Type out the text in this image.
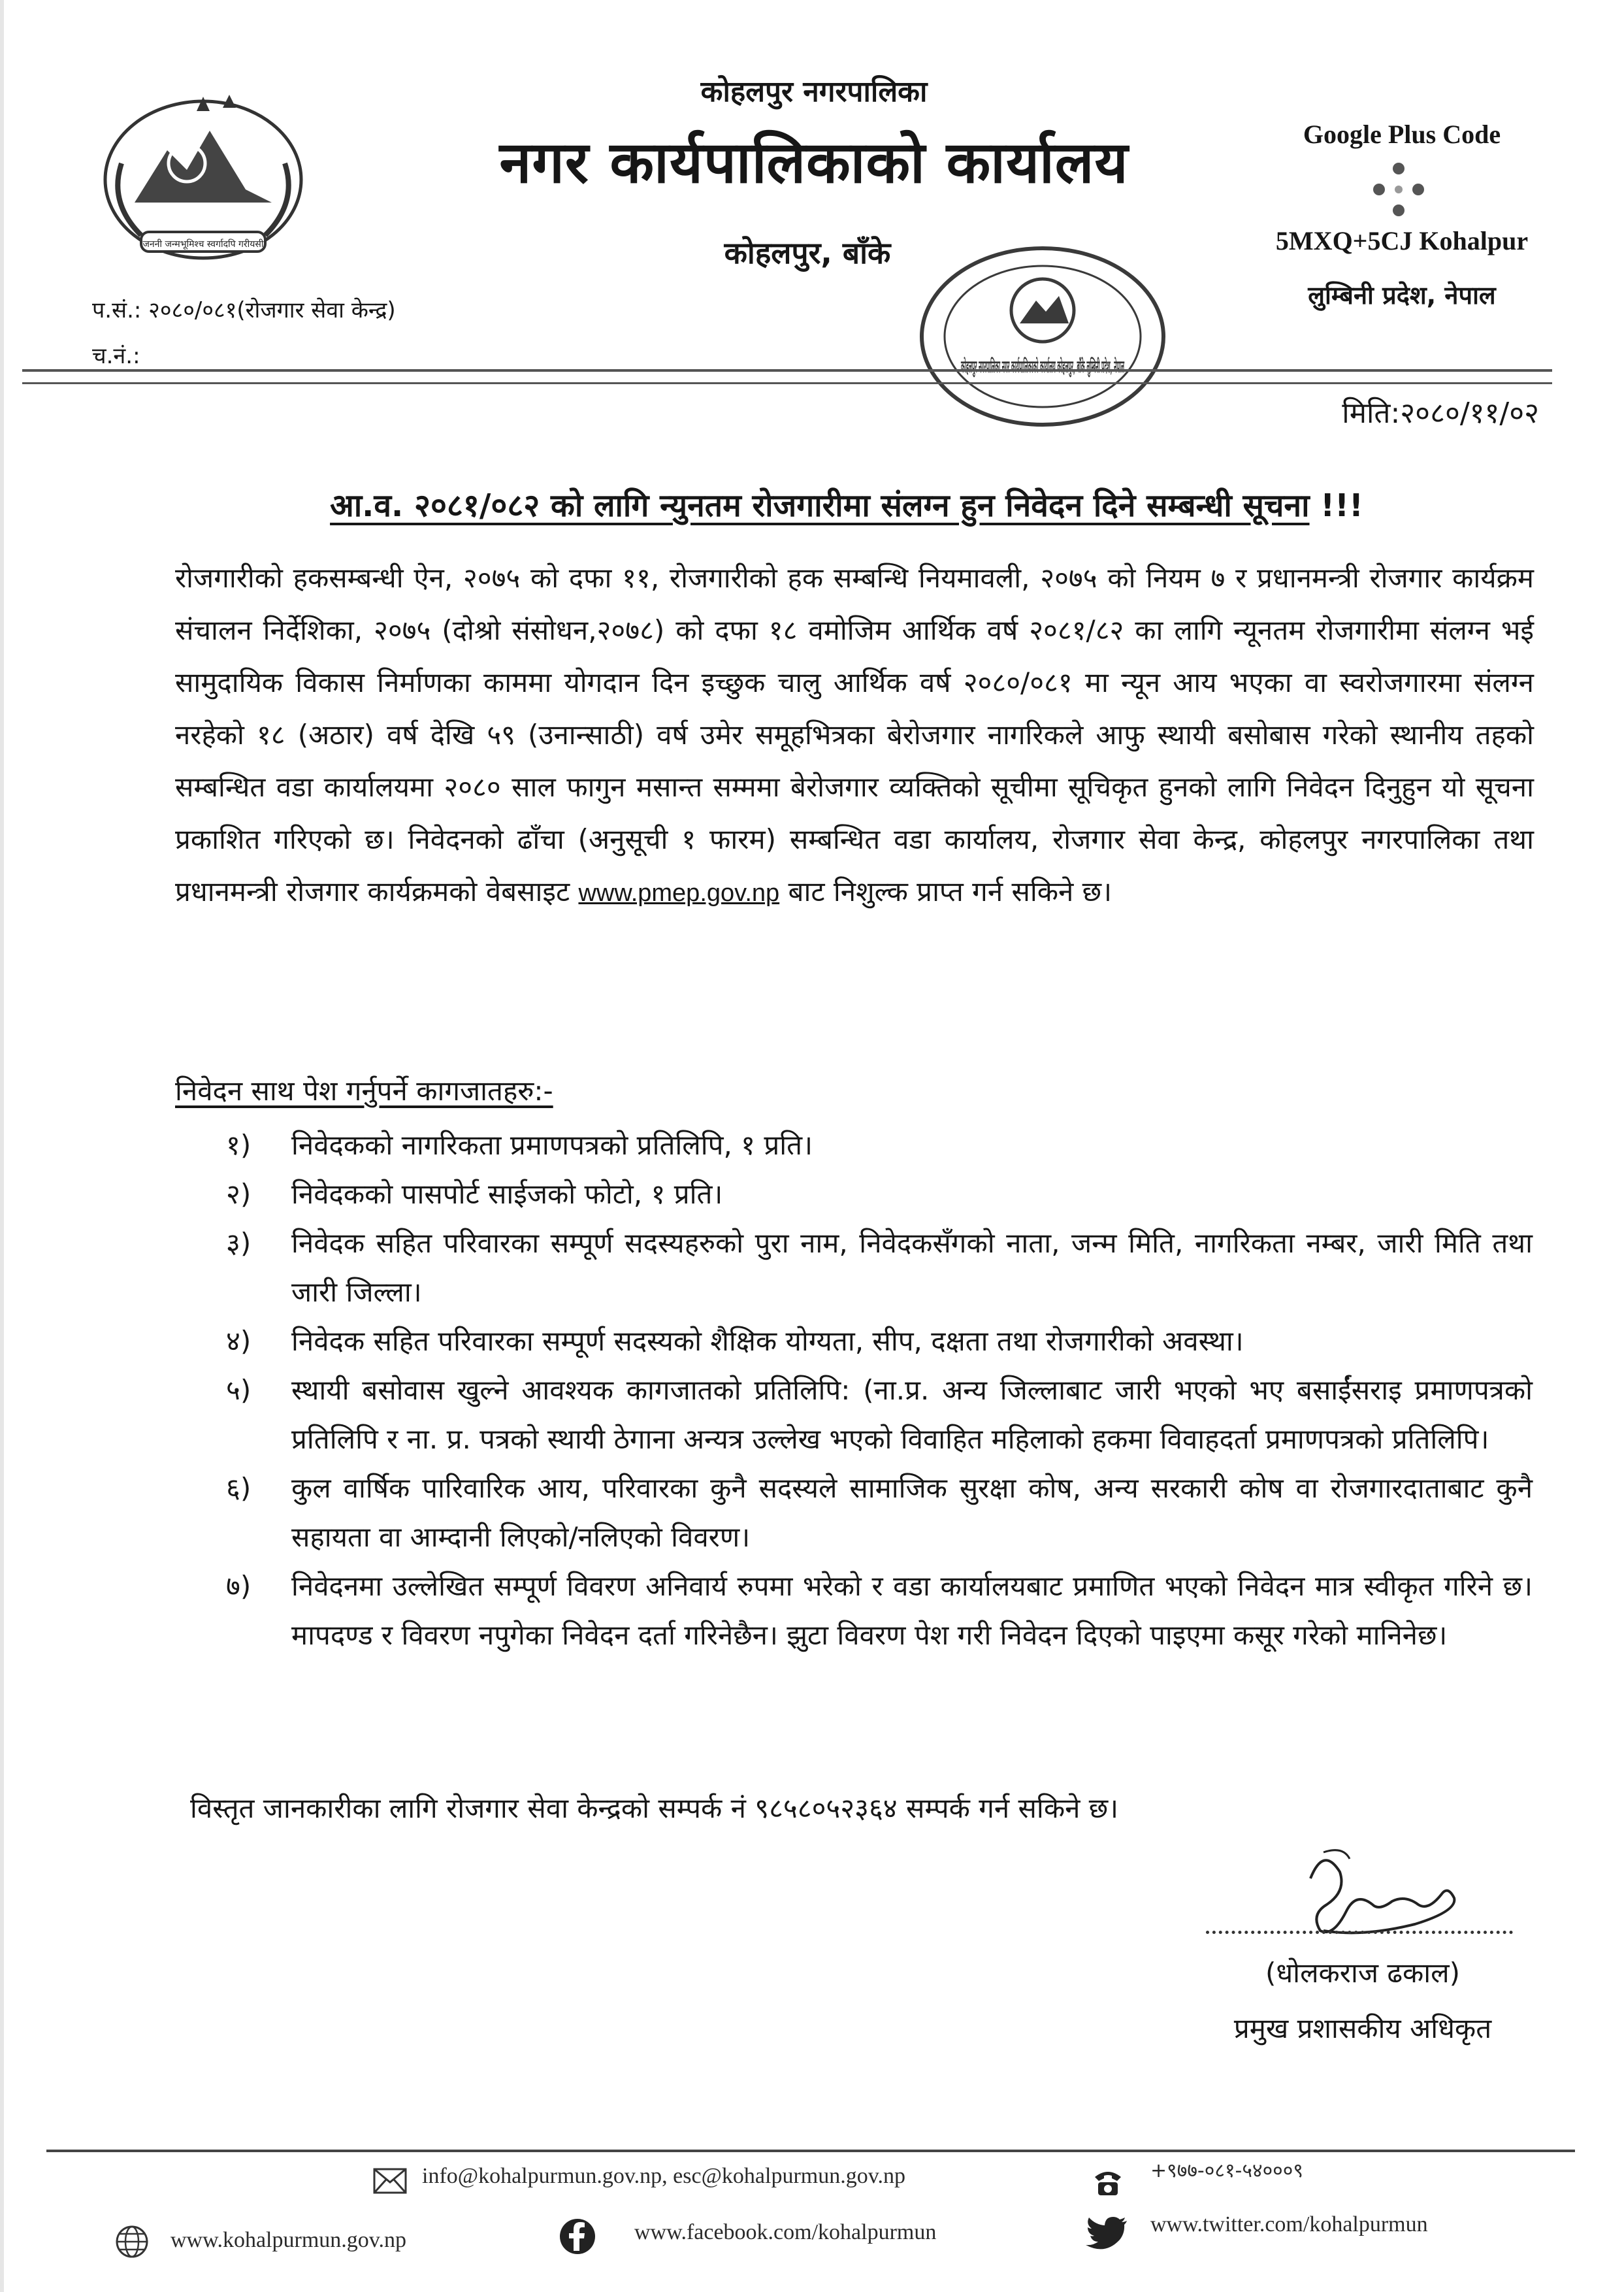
जननी जन्मभूमिश्च स्वर्गादपि गरीयसी
कोहलपुर नगरपालिका
नगर कार्यपालिकाको कार्यालय
कोहलपुर, बाँके
Google Plus Code
5MXQ+5CJ Kohalpur
लुम्बिनी प्रदेश, नेपाल
प.सं.: २०८०/०८१(रोजगार सेवा केन्द्र)
च.नं.:	कोहलपुर नगरपालिका नगर कार्यपालिकाको कार्यालय कोहलपुर, बाँके लुम्बिनी प्रदेश, नेपाल
मिति:२०८०/११/०२
आ.व. २०८१/०८२ को लागि न्युनतम रोजगारीमा संलग्न हुन निवेदन दिने सम्बन्धी सूचना !!!
रोजगारीको हकसम्बन्धी ऐन, २०७५ को दफा ११, रोजगारीको हक सम्बन्धि नियमावली, २०७५ को नियम ७ र प्रधानमन्त्री रोजगार कार्यक्रम संचालन निर्देशिका, २०७५ (दोश्रो संसोधन,२०७८) को दफा १८ वमोजिम आर्थिक वर्ष २०८१/८२ का लागि न्यूनतम रोजगारीमा संलग्न भई सामुदायिक विकास निर्माणका काममा योगदान दिन इच्छुक चालु आर्थिक वर्ष २०८०/०८१ मा न्यून आय भएका वा स्वरोजगारमा संलग्न नरहेको १८ (अठार) वर्ष देखि ५९ (उनान्साठी) वर्ष उमेर समूहभित्रका बेरोजगार नागरिकले आफु स्थायी बसोबास गरेको स्थानीय तहको सम्बन्धित वडा कार्यालयमा २०८० साल फागुन मसान्त सम्ममा बेरोजगार व्यक्तिको सूचीमा सूचिकृत हुनको लागि निवेदन दिनुहुन यो सूचना प्रकाशित गरिएको छ। निवेदनको ढाँचा (अनुसूची १ फारम) सम्बन्धित वडा कार्यालय, रोजगार सेवा केन्द्र, कोहलपुर नगरपालिका तथा प्रधानमन्त्री रोजगार कार्यक्रमको वेबसाइट www.pmep.gov.np बाट निशुल्क प्राप्त गर्न सकिने छ।
निवेदन साथ पेश गर्नुपर्ने कागजातहरु:-
१) निवेदकको नागरिकता प्रमाणपत्रको प्रतिलिपि, १ प्रति।
२) निवेदकको पासपोर्ट साईजको फोटो, १ प्रति।
३) निवेदक सहित परिवारका सम्पूर्ण सदस्यहरुको पुरा नाम, निवेदकसँगको नाता, जन्म मिति, नागरिकता नम्बर, जारी मिति तथा जारी जिल्ला।
४) निवेदक सहित परिवारका सम्पूर्ण सदस्यको शैक्षिक योग्यता, सीप, दक्षता तथा रोजगारीको अवस्था।
५) स्थायी बसोवास खुल्ने आवश्यक कागजातको प्रतिलिपि: (ना.प्र. अन्य जिल्लाबाट जारी भएको भए बसाईंसराइ प्रमाणपत्रको प्रतिलिपि र ना. प्र. पत्रको स्थायी ठेगाना अन्यत्र उल्लेख भएको विवाहित महिलाको हकमा विवाहदर्ता प्रमाणपत्रको प्रतिलिपि।
६) कुल वार्षिक पारिवारिक आय, परिवारका कुनै सदस्यले सामाजिक सुरक्षा कोष, अन्य सरकारी कोष वा रोजगारदाताबाट कुनै सहायता वा आम्दानी लिएको/नलिएको विवरण।
७) निवेदनमा उल्लेखित सम्पूर्ण विवरण अनिवार्य रुपमा भरेको र वडा कार्यालयबाट प्रमाणित भएको निवेदन मात्र स्वीकृत गरिने छ। मापदण्ड र विवरण नपुगेका निवेदन दर्ता गरिनेछैन। झुटा विवरण पेश गरी निवेदन दिएको पाइएमा कसूर गरेको मानिनेछ।
विस्तृत जानकारीका लागि रोजगार सेवा केन्द्रको सम्पर्क नं ९८५८०५२३६४ सम्पर्क गर्न सकिने छ।
(धोलकराज ढकाल)
प्रमुख प्रशासकीय अधिकृत
info@kohalpurmun.gov.np, esc@kohalpurmun.gov.np	+९७७-०८१-५४०००९
www.kohalpurmun.gov.np	www.facebook.com/kohalpurmun	www.twitter.com/kohalpurmun
